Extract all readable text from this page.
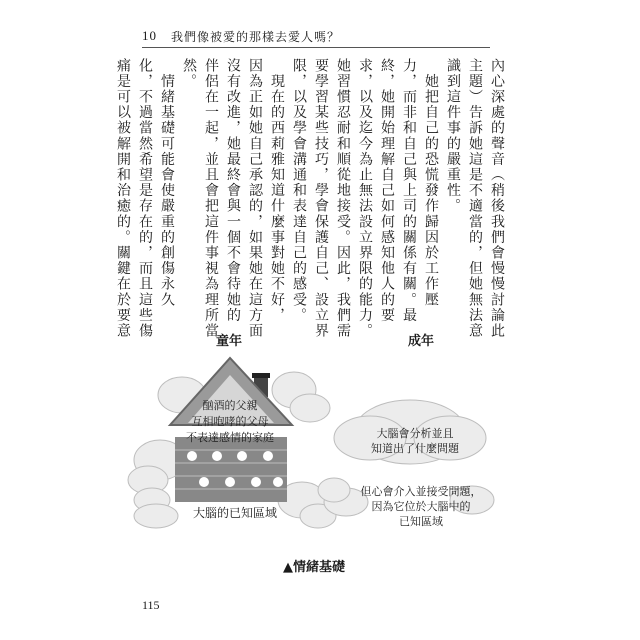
10 我們像被愛的那樣去愛人嗎？
內心深處的聲音（稍後我們會慢慢討論此
主題）告訴她這是不適當的，但她無法意
識到這件事的嚴重性。
　她把自己的恐慌發作歸因於工作壓
力，而非和自己與上司的關係有關。最
終，她開始理解自己如何感知他人的要
求，以及迄今為止無法設立界限的能力。
她習慣忍耐和順從地接受。因此，我們需
要學習某些技巧，學會保護自己、設立界
限，以及學會溝通和表達自己的感受。
　現在的西莉雅知道什麼事對她不好，
因為正如她自己承認的，如果她在這方面
沒有改進，她最終會與一個不會待她的
伴侶在一起，並且會把這件事視為理所當
然。
　情緒基礎可能會使嚴重的創傷永久
化，不過當然希望是存在的，而且這些傷
痛是可以被解開和治癒的。關鍵在於要意
童年	成年
酗酒的父親
互相咆哮的父母
不表達感情的家庭
大腦的已知區域
大腦會分析並且
知道出了什麼問題
但心會介入並接受問題，
因為它位於大腦中的
已知區域
▲情緒基礎
115
